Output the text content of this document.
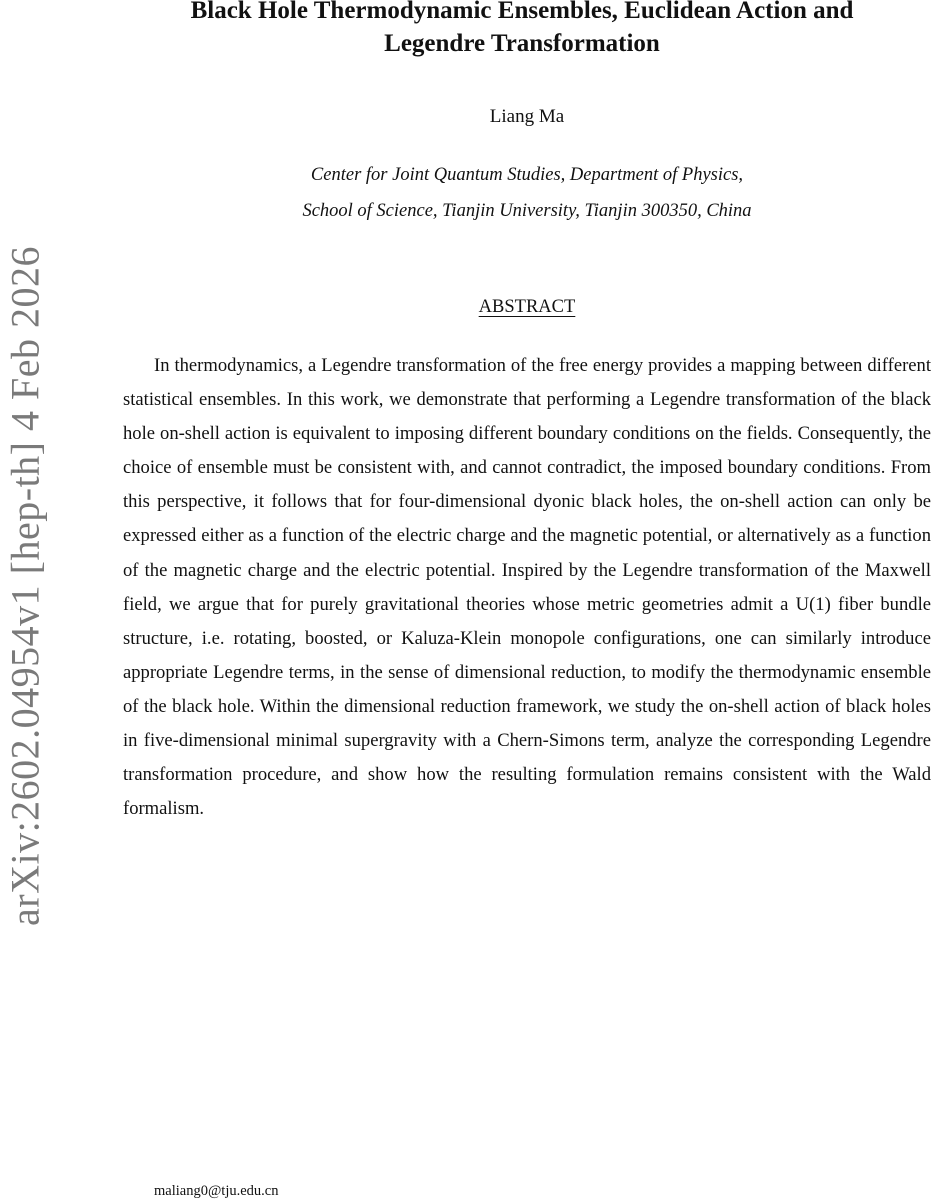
arXiv:2602.04954v1 [hep-th] 4 Feb 2026
Black Hole Thermodynamic Ensembles, Euclidean Action and
Legendre Transformation
Liang Ma
Center for Joint Quantum Studies, Department of Physics,
School of Science, Tianjin University, Tianjin 300350, China
ABSTRACT

In thermodynamics, a Legendre transformation of the free energy provides a mapping between different statistical ensembles. In this work, we demonstrate that performing a Legendre transformation of the black hole on-shell action is equivalent to imposing different boundary conditions on the fields. Consequently, the choice of ensemble must be consistent with, and cannot contradict, the imposed boundary conditions. From this perspective, it follows that for four-dimensional dyonic black holes, the on-shell action can only be expressed either as a function of the electric charge and the magnetic potential, or alternatively as a function of the magnetic charge and the electric potential. Inspired by the Legendre transformation of the Maxwell field, we argue that for purely gravitational theories whose metric geometries admit a U(1) fiber bundle structure, i.e. rotating, boosted, or Kaluza-Klein monopole configurations, one can similarly introduce appropriate Legendre terms, in the sense of dimensional reduction, to modify the thermodynamic ensemble of the black hole. Within the dimensional reduction framework, we study the on-shell action of black holes in five-dimensional minimal supergravity with a Chern-Simons term, analyze the corresponding Legendre transformation procedure, and show how the resulting formulation remains consistent with the Wald formalism.

maliang0@tju.edu.cn
